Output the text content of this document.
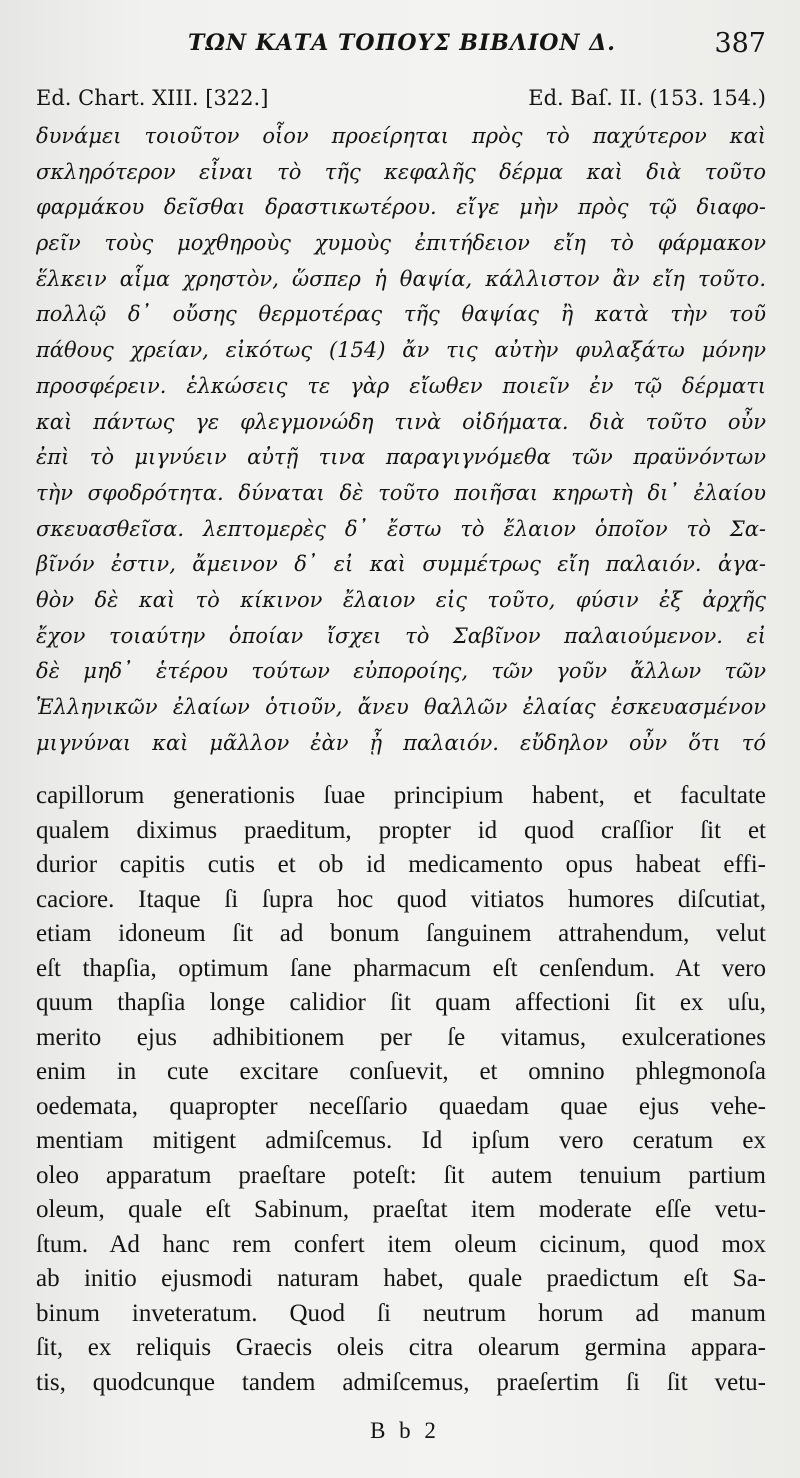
ΤΩΝ ΚΑΤΑ ΤΟΠΟΥΣ ΒΙΒΛΙΟΝ Δ.	387
Ed. Chart. XIII. [322.]	Ed. Baſ. II. (153. 154.)
δυνάμει τοιοῦτον οἷον προείρηται πρὸς τὸ παχύτερον καὶ
σκληρότερον εἶναι τὸ τῆς κεφαλῆς δέρμα καὶ διὰ τοῦτο
φαρμάκου δεῖσθαι δραστικωτέρου. εἴγε μὴν πρὸς τῷ διαφο-
ρεῖν τοὺς μοχθηροὺς χυμοὺς ἐπιτήδειον εἴη τὸ φάρμακον
ἕλκειν αἷμα χρηστὸν, ὥσπερ ἡ θαψία, κάλλιστον ἂν εἴη τοῦτο.
πολλῷ δ᾽ οὔσης θερμοτέρας τῆς θαψίας ἢ κατὰ τὴν τοῦ
πάθους χρείαν, εἰκότως (154) ἄν τις αὐτὴν φυλαξάτω μόνην
προσφέρειν. ἑλκώσεις τε γὰρ εἴωθεν ποιεῖν ἐν τῷ δέρματι
καὶ πάντως γε φλεγμονώδη τινὰ οἰδήματα. διὰ τοῦτο οὖν
ἐπὶ τὸ μιγνύειν αὐτῇ τινα παραγιγνόμεθα τῶν πραϋνόντων
τὴν σφοδρότητα. δύναται δὲ τοῦτο ποιῆσαι κηρωτὴ δι᾽ ἐλαίου
σκευασθεῖσα. λεπτομερὲς δ᾽ ἔστω τὸ ἔλαιον ὁποῖον τὸ Σα-
βῖνόν ἐστιν, ἄμεινον δ᾽ εἰ καὶ συμμέτρως εἴη παλαιόν. ἀγα-
θὸν δὲ καὶ τὸ κίκινον ἔλαιον εἰς τοῦτο, φύσιν ἐξ ἀρχῆς
ἔχον τοιαύτην ὁποίαν ἴσχει τὸ Σαβῖνον παλαιούμενον. εἰ
δὲ μηδ᾽ ἑτέρου τούτων εὐποροίης, τῶν γοῦν ἄλλων τῶν
Ἑλληνικῶν ἐλαίων ὁτιοῦν, ἄνευ θαλλῶν ἐλαίας ἐσκευασμένον
μιγνύναι καὶ μᾶλλον ἐὰν ᾖ παλαιόν. εὔδηλον οὖν ὅτι τό
capillorum generationis ſuae principium habent, et facultate
qualem diximus praeditum, propter id quod craſſior ſit et
durior capitis cutis et ob id medicamento opus habeat effi-
caciore. Itaque ſi ſupra hoc quod vitiatos humores diſcutiat,
etiam idoneum ſit ad bonum ſanguinem attrahendum, velut
eſt thapſia, optimum ſane pharmacum eſt cenſendum. At vero
quum thapſia longe calidior ſit quam affectioni ſit ex uſu,
merito ejus adhibitionem per ſe vitamus, exulcerationes
enim in cute excitare conſuevit, et omnino phlegmonoſa
oedemata, quapropter neceſſario quaedam quae ejus vehe-
mentiam mitigent admiſcemus. Id ipſum vero ceratum ex
oleo apparatum praeſtare poteſt: ſit autem tenuium partium
oleum, quale eſt Sabinum, praeſtat item moderate eſſe vetu-
ſtum. Ad hanc rem confert item oleum cicinum, quod mox
ab initio ejusmodi naturam habet, quale praedictum eſt Sa-
binum inveteratum. Quod ſi neutrum horum ad manum
ſit, ex reliquis Graecis oleis citra olearum germina appara-
tis, quodcunque tandem admiſcemus, praeſertim ſi ſit vetu-
B b 2
